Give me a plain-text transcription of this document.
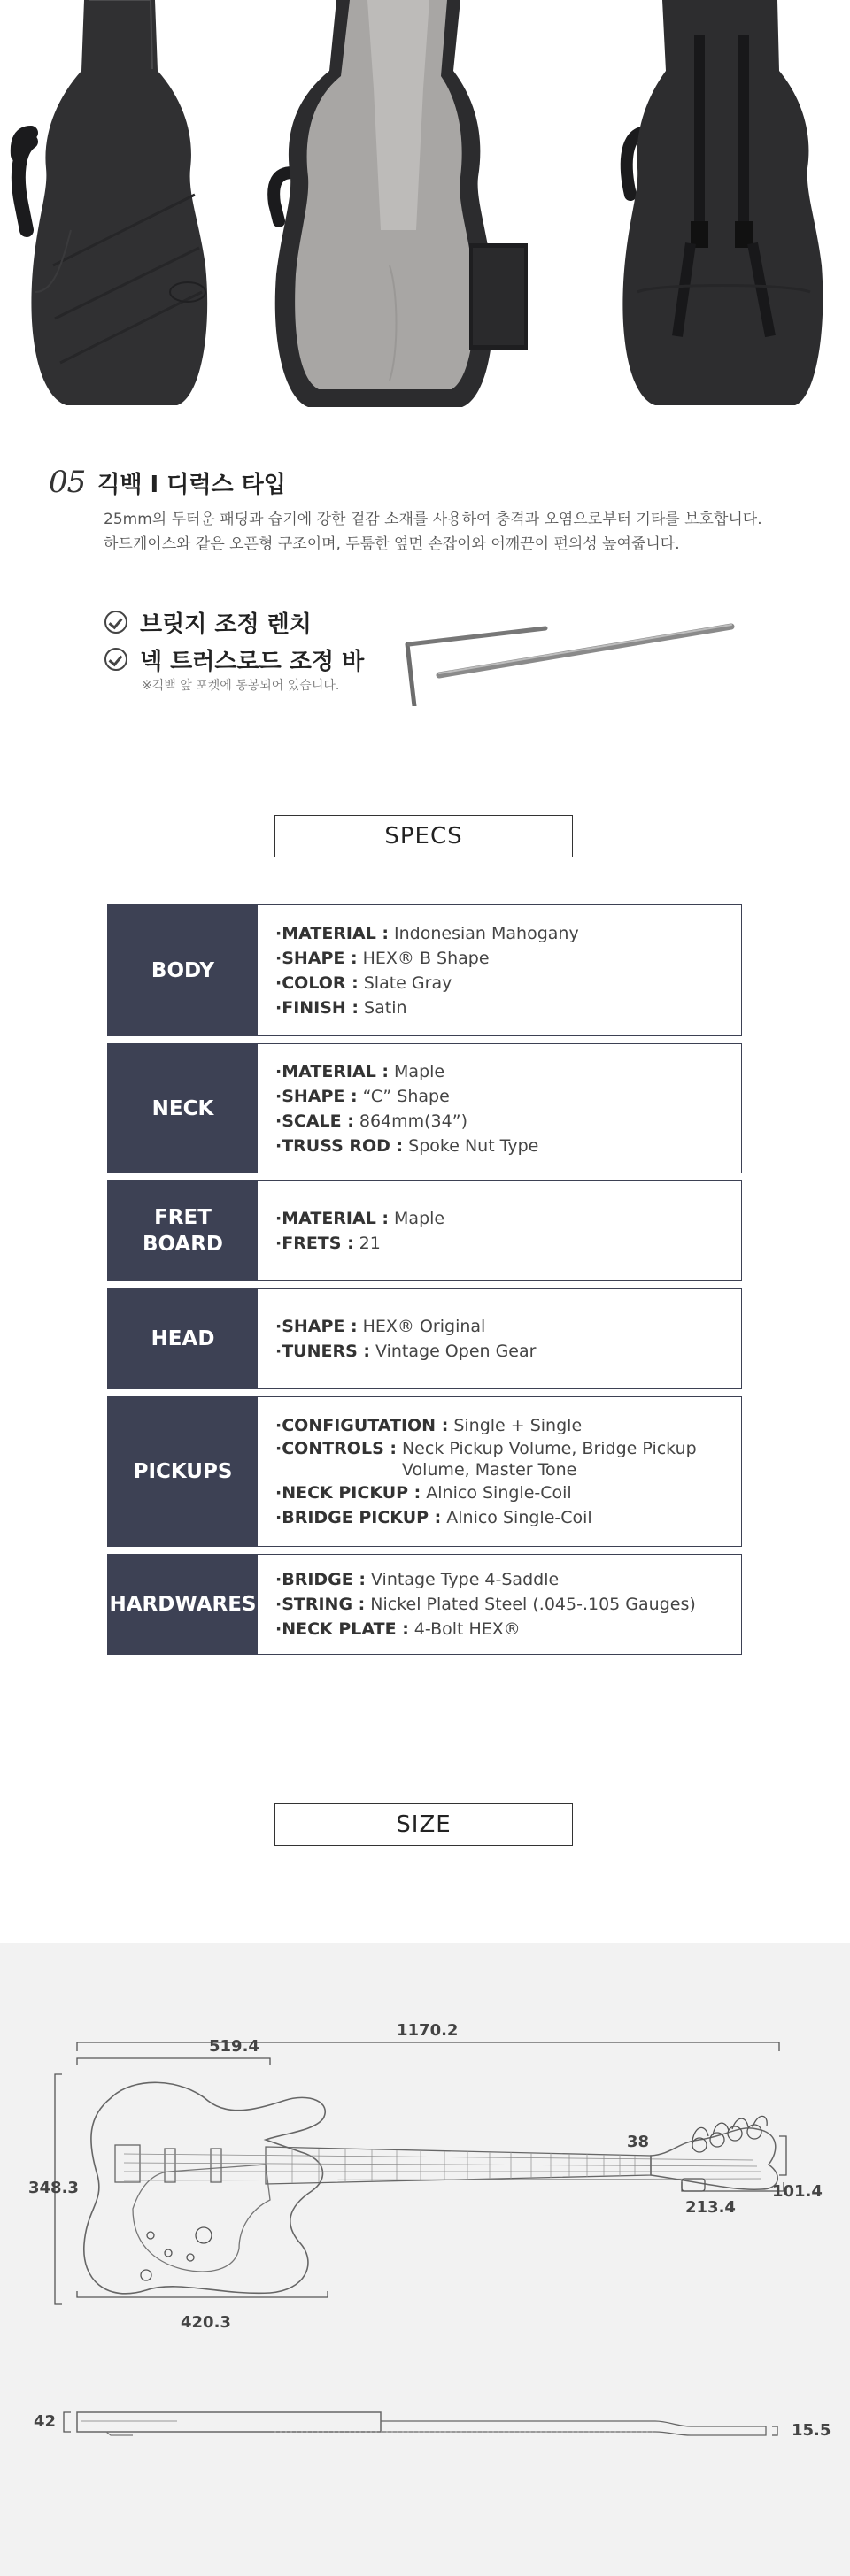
05 긱백 I 디럭스 타입
25mm의 두터운 패딩과 습기에 강한 겉감 소재를 사용하여 충격과 오염으로부터 기타를 보호합니다.
하드케이스와 같은 오픈형 구조이며, 두툼한 옆면 손잡이와 어깨끈이 편의성 높여줍니다.
브릿지 조정 렌치
넥 트러스로드 조정 바
※긱백 앞 포켓에 동봉되어 있습니다.
SPECS
BODY
·MATERIAL : Indonesian Mahogany
·SHAPE : HEX® B Shape
·COLOR : Slate Gray
·FINISH : Satin
NECK
·MATERIAL : Maple
·SHAPE : “C” Shape
·SCALE : 864mm(34”)
·TRUSS ROD : Spoke Nut Type
FRET
BOARD
·MATERIAL : Maple
·FRETS : 21
HEAD
·SHAPE : HEX® Original
·TUNERS : Vintage Open Gear
PICKUPS
·CONFIGUTATION : Single + Single
·CONTROLS : Neck Pickup Volume, Bridge Pickup Volume, Master Tone
·NECK PICKUP : Alnico Single-Coil
·BRIDGE PICKUP : Alnico Single-Coil
HARDWARES
·BRIDGE : Vintage Type 4-Saddle
·STRING : Nickel Plated Steel (.045-.105 Gauges)
·NECK PLATE : 4-Bolt HEX®
SIZE
1170.2
519.4
348.3
420.3
213.4
101.4
38
42	15.5
